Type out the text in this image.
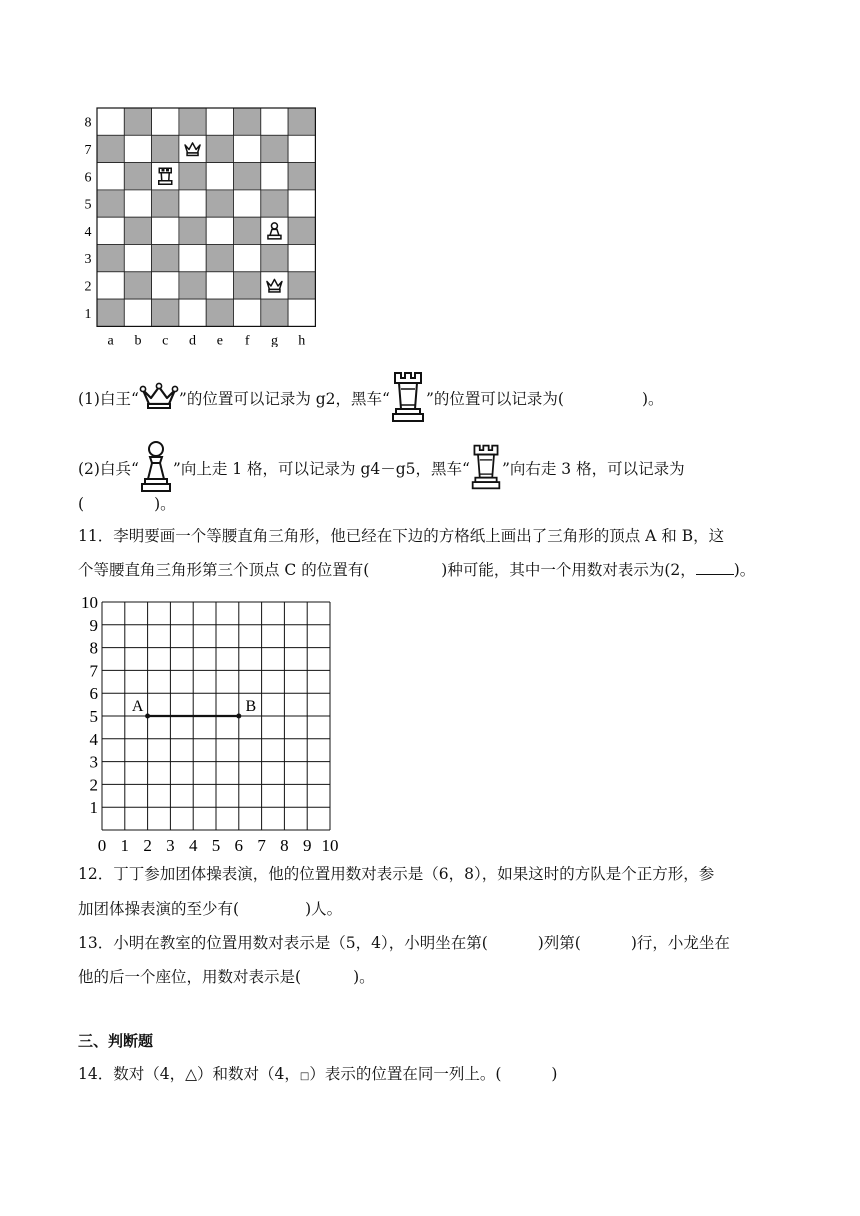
8
7
6
5
4
3
2
1
a b c d e f g h
(1)白王“	”的位置可以记录为 g2，黑车“ ”的位置可以记录为(	)。
(2)白兵“ ”向上走 1 格，可以记录为 g4－g5，黑车“ ”向右走 3 格，可以记录为
(	)。
11．李明要画一个等腰直角三角形，他已经在下边的方格纸上画出了三角形的顶点 A 和 B，这
个等腰直角三角形第三个顶点 C 的位置有(	)种可能，其中一个用数对表示为(2， )。
0 1 2 3 4 5 6 7 8 9 10
1
2
3
4
5
6
7
8
9
10
A	B
12．丁丁参加团体操表演，他的位置用数对表示是（6，8），如果这时的方队是个正方形，参
加团体操表演的至少有(	)人。
13．小明在教室的位置用数对表示是（5，4），小明坐在第(	)列第(	)行，小龙坐在
他的后一个座位，用数对表示是(	)。
三、判断题
14．数对（4，△）和数对（4，□）表示的位置在同一列上。(	)
